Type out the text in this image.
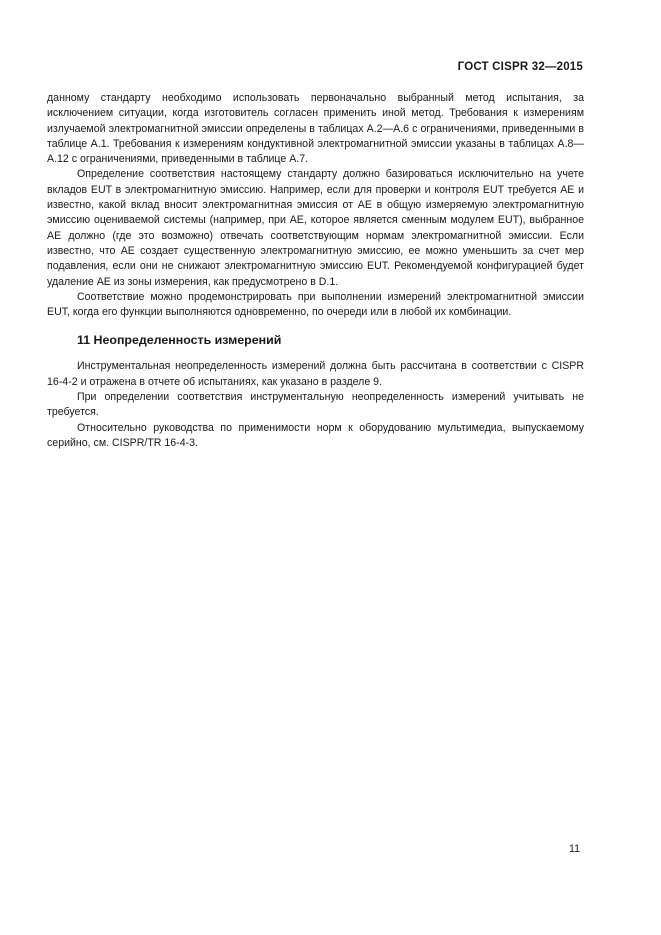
ГОСТ CISPR 32—2015

данному стандарту необходимо использовать первоначально выбранный метод испытания, за исключением ситуации, когда изготовитель согласен применить иной метод. Требования к измерениям излучаемой электромагнитной эмиссии определены в таблицах А.2—А.6 с ограничениями, приведенными в таблице А.1. Требования к измерениям кондуктивной электромагнитной эмиссии указаны в таблицах А.8—А.12 с ограничениями, приведенными в таблице А.7.

Определение соответствия настоящему стандарту должно базироваться исключительно на учете вкладов EUT в электромагнитную эмиссию. Например, если для проверки и контроля EUT требуется AE и известно, какой вклад вносит электромагнитная эмиссия от AE в общую измеряемую электромагнитную эмиссию оцениваемой системы (например, при AE, которое является сменным модулем EUT), выбранное AE должно (где это возможно) отвечать соответствующим нормам электромагнитной эмиссии. Если известно, что AE создает существенную электромагнитную эмиссию, ее можно уменьшить за счет мер подавления, если они не снижают электромагнитную эмиссию EUT. Рекомендуемой конфигурацией будет удаление AE из зоны измерения, как предусмотрено в D.1.

Соответствие можно продемонстрировать при выполнении измерений электромагнитной эмиссии EUT, когда его функции выполняются одновременно, по очереди или в любой их комбинации.

11 Неопределенность измерений

Инструментальная неопределенность измерений должна быть рассчитана в соответствии с CISPR 16-4-2 и отражена в отчете об испытаниях, как указано в разделе 9.

При определении соответствия инструментальную неопределенность измерений учитывать не требуется.

Относительно руководства по применимости норм к оборудованию мультимедиа, выпускаемому серийно, см. CISPR/TR 16-4-3.

11
